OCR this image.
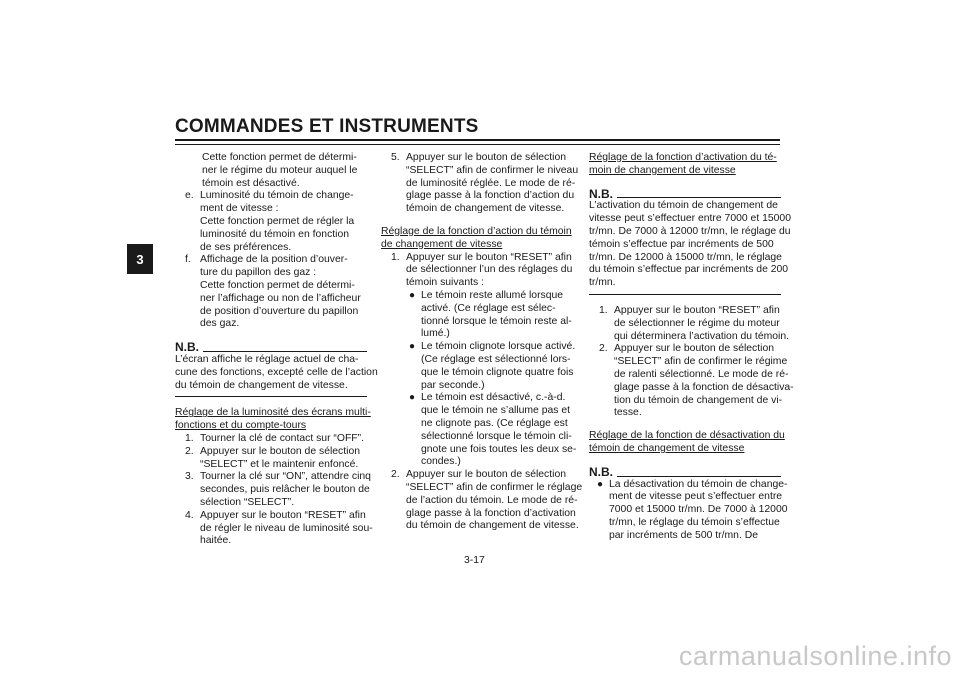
COMMANDES ET INSTRUMENTS
3

Cette fonction permet de détermi-

ner le régime du moteur auquel le

témoin est désactivé.

e. Luminosité du témoin de change-

ment de vitesse :

Cette fonction permet de régler la

luminosité du témoin en fonction

de ses préférences.

f. Affichage de la position d’ouver-

ture du papillon des gaz :

Cette fonction permet de détermi-

ner l’affichage ou non de l’afficheur

de position d’ouverture du papillon

des gaz.

N.B.

L’écran affiche le réglage actuel de cha-

cune des fonctions, excepté celle de l’action

du témoin de changement de vitesse.

Réglage de la luminosité des écrans multi-

fonctions et du compte-tours

1. Tourner la clé de contact sur “OFF”.

2. Appuyer sur le bouton de sélection

“SELECT” et le maintenir enfoncé.

3. Tourner la clé sur “ON”, attendre cinq

secondes, puis relâcher le bouton de

sélection “SELECT”.

4. Appuyer sur le bouton “RESET” afin

de régler le niveau de luminosité sou-

haitée.

5. Appuyer sur le bouton de sélection

“SELECT” afin de confirmer le niveau

de luminosité réglée. Le mode de ré-

glage passe à la fonction d’action du

témoin de changement de vitesse.

Réglage de la fonction d’action du témoin

de changement de vitesse

1. Appuyer sur le bouton “RESET” afin

de sélectionner l’un des réglages du

témoin suivants :

● Le témoin reste allumé lorsque

activé. (Ce réglage est sélec-

tionné lorsque le témoin reste al-

lumé.)

● Le témoin clignote lorsque activé.

(Ce réglage est sélectionné lors-

que le témoin clignote quatre fois

par seconde.)

● Le témoin est désactivé, c.-à-d.

que le témoin ne s’allume pas et

ne clignote pas. (Ce réglage est

sélectionné lorsque le témoin cli-

gnote une fois toutes les deux se-

condes.)

2. Appuyer sur le bouton de sélection

“SELECT” afin de confirmer le réglage

de l’action du témoin. Le mode de ré-

glage passe à la fonction d’activation

du témoin de changement de vitesse.

Réglage de la fonction d’activation du té-

moin de changement de vitesse

N.B.

L’activation du témoin de changement de

vitesse peut s’effectuer entre 7000 et 15000

tr/mn. De 7000 à 12000 tr/mn, le réglage du

témoin s’effectue par incréments de 500

tr/mn. De 12000 à 15000 tr/mn, le réglage

du témoin s’effectue par incréments de 200

tr/mn.

1. Appuyer sur le bouton “RESET” afin

de sélectionner le régime du moteur

qui déterminera l’activation du témoin.

2. Appuyer sur le bouton de sélection

“SELECT” afin de confirmer le régime

de ralenti sélectionné. Le mode de ré-

glage passe à la fonction de désactiva-

tion du témoin de changement de vi-

tesse.

Réglage de la fonction de désactivation du

témoin de changement de vitesse

N.B.
● La désactivation du témoin de change-

ment de vitesse peut s’effectuer entre

7000 et 15000 tr/mn. De 7000 à 12000

tr/mn, le réglage du témoin s’effectue

par incréments de 500 tr/mn. De

3-17
carmanualsonline.info
